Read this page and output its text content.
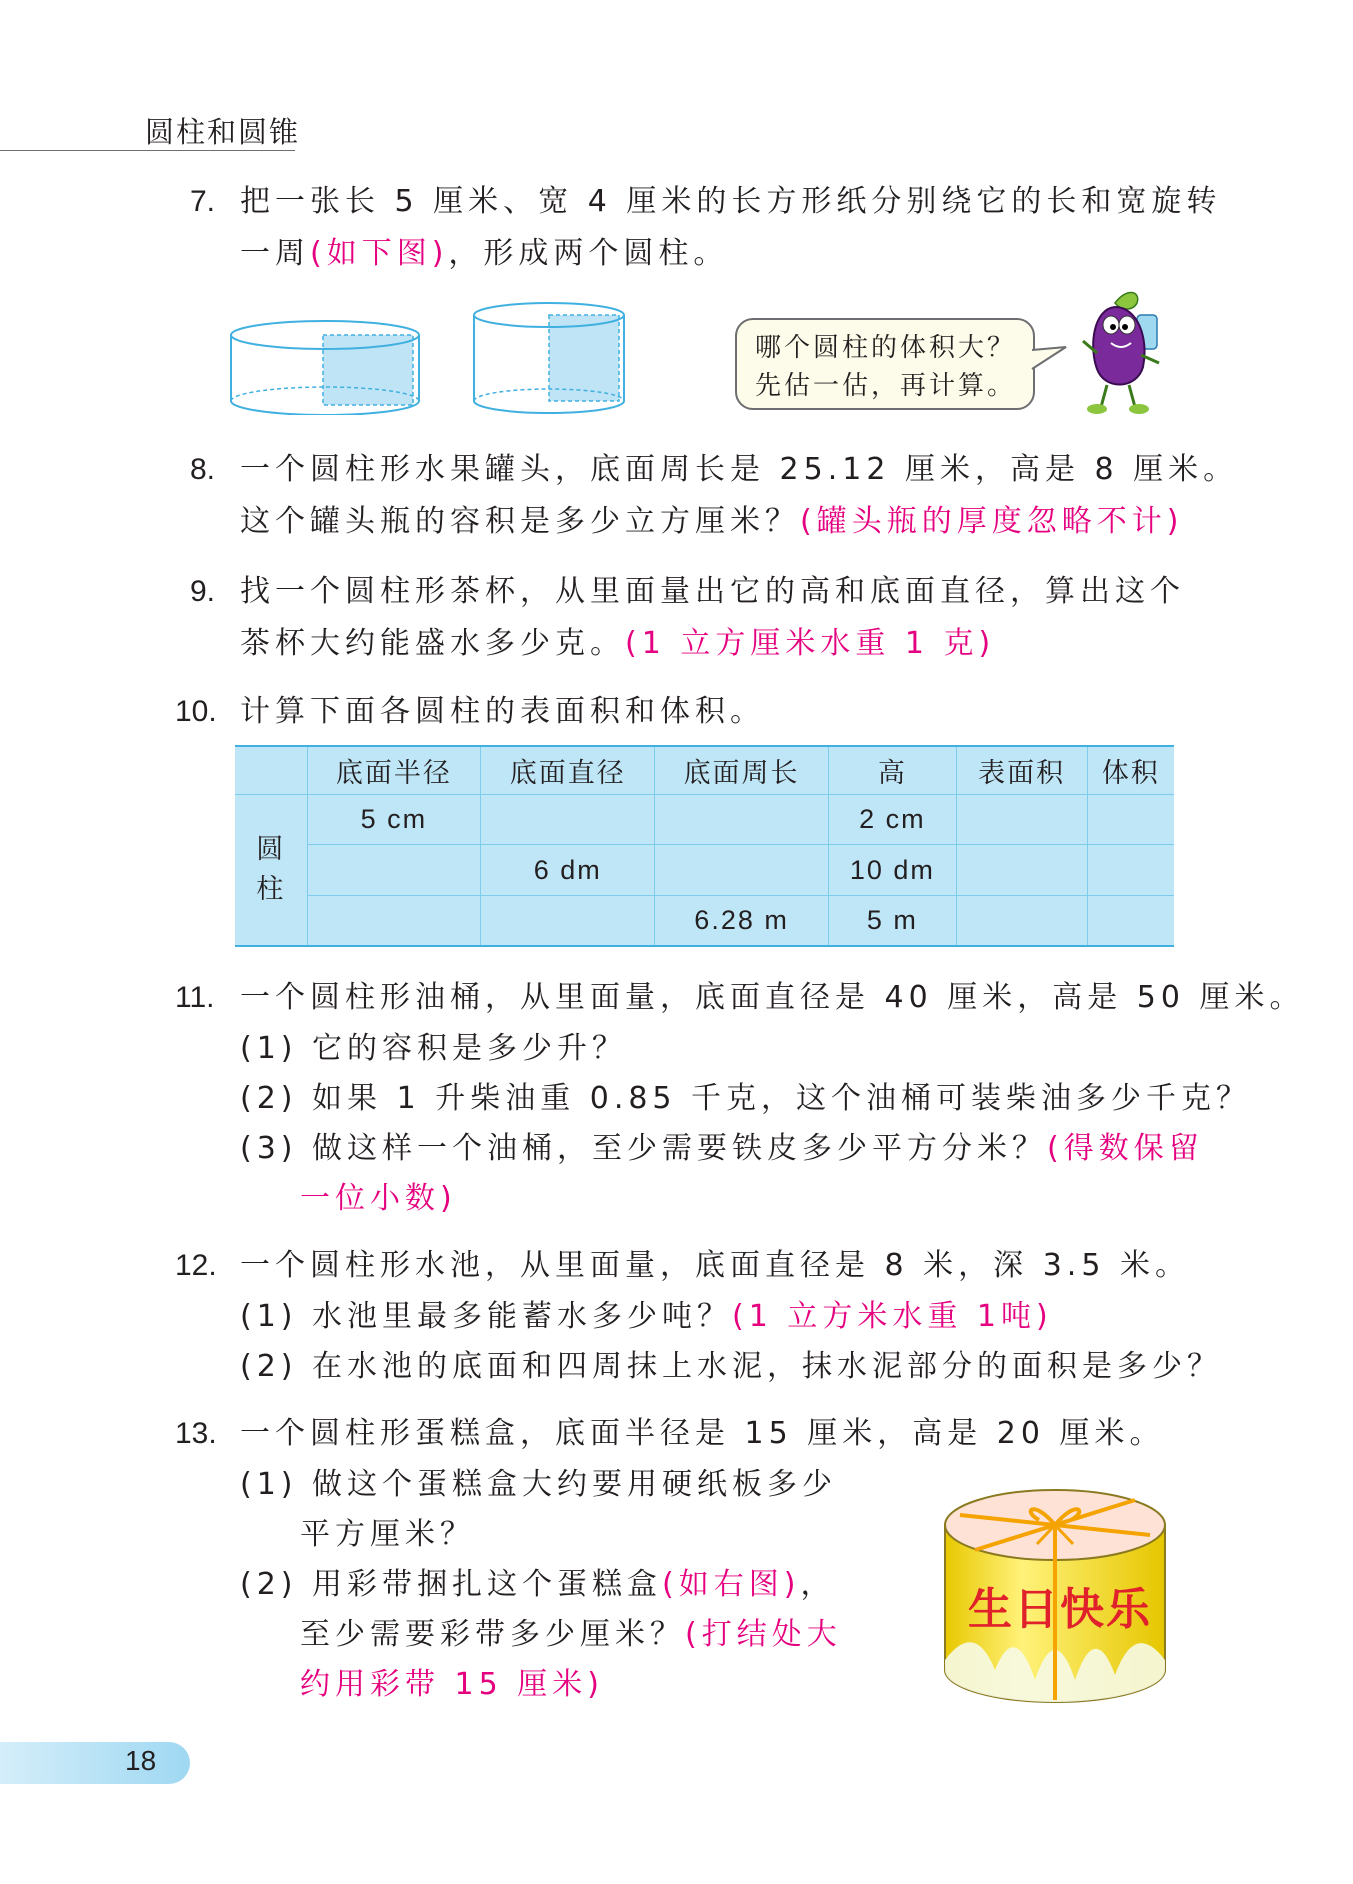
圆柱和圆锥
7. 把一张长 5 厘米、宽 4 厘米的长方形纸分别绕它的长和宽旋转
一周(如下图)，形成两个圆柱。
哪个圆柱的体积大？
先估一估，再计算。
8. 一个圆柱形水果罐头，底面周长是 25.12 厘米，高是 8 厘米。
这个罐头瓶的容积是多少立方厘米？(罐头瓶的厚度忽略不计)
9. 找一个圆柱形茶杯，从里面量出它的高和底面直径，算出这个
茶杯大约能盛水多少克。(1 立方厘米水重 1 克)
10. 计算下面各圆柱的表面积和体积。
	底面半径	底面直径	底面周长	高	表面积	体积

圆
柱	5 cm			2 cm		
		6 dm		10 dm		
			6.28 m	5 m		
11. 一个圆柱形油桶，从里面量，底面直径是 40 厘米，高是 50 厘米。
(1) 它的容积是多少升？
(2) 如果 1 升柴油重 0.85 千克，这个油桶可装柴油多少千克？
(3) 做这样一个油桶，至少需要铁皮多少平方分米？(得数保留
一位小数)
12. 一个圆柱形水池，从里面量，底面直径是 8 米，深 3.5 米。
(1) 水池里最多能蓄水多少吨？(1 立方米水重 1吨)
(2) 在水池的底面和四周抹上水泥，抹水泥部分的面积是多少？
13. 一个圆柱形蛋糕盒，底面半径是 15 厘米，高是 20 厘米。
(1) 做这个蛋糕盒大约要用硬纸板多少
平方厘米？
(2) 用彩带捆扎这个蛋糕盒(如右图)，
至少需要彩带多少厘米？(打结处大
约用彩带 15 厘米)
生日快乐
18
